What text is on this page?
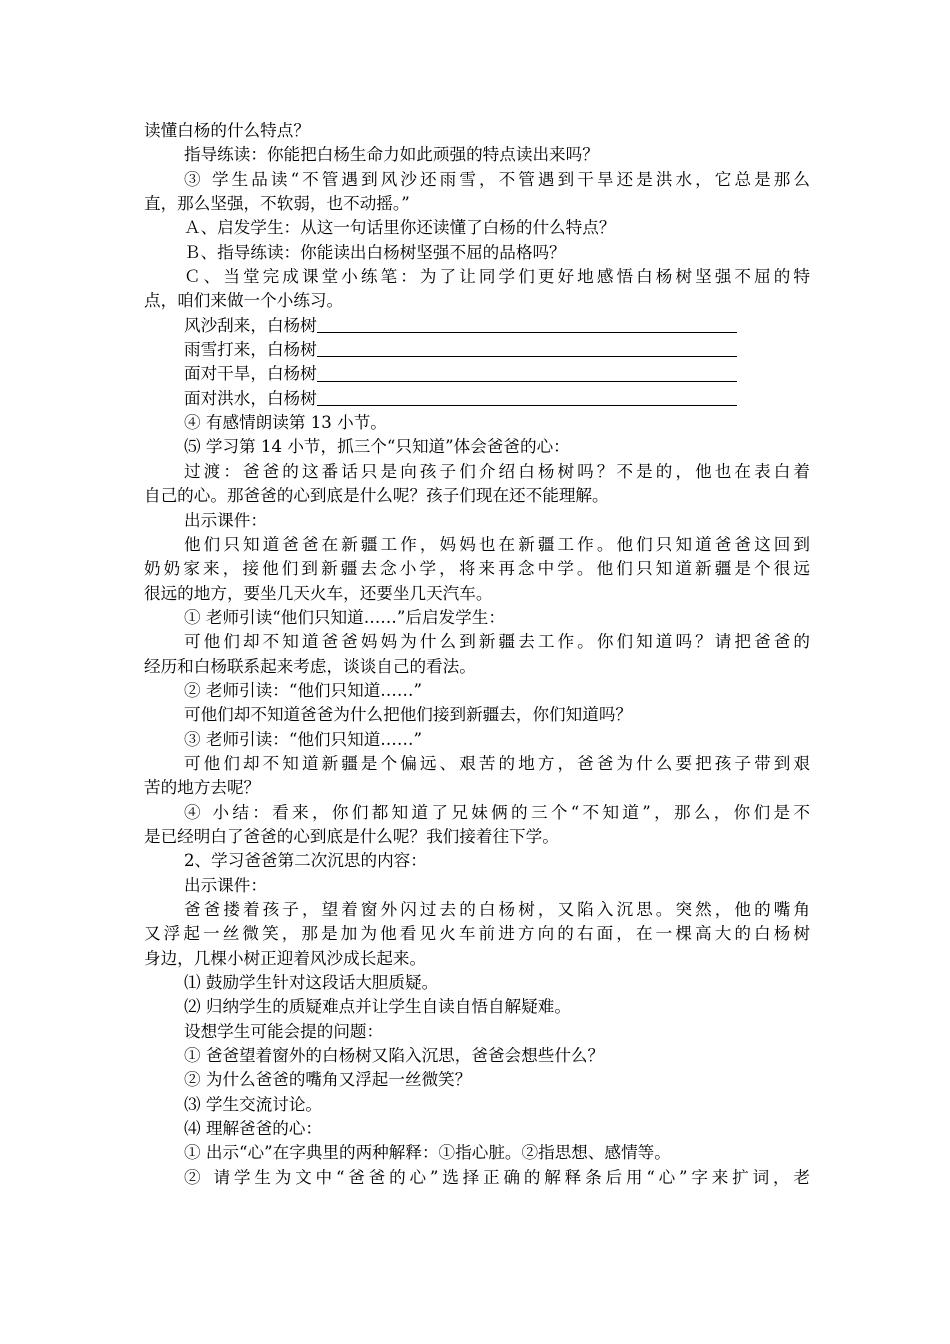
读懂白杨的什么特点？
指导练读：你能把白杨生命力如此顽强的特点读出来吗？
③ 学生品读“不管遇到风沙还雨雪，不管遇到干旱还是洪水，它总是那么
直，那么坚强，不软弱，也不动摇。”
Ａ、启发学生：从这一句话里你还读懂了白杨的什么特点？
Ｂ、指导练读：你能读出白杨树坚强不屈的品格吗？
Ｃ、当堂完成课堂小练笔：为了让同学们更好地感悟白杨树坚强不屈的特
点，咱们来做一个小练习。
风沙刮来，白杨树
雨雪打来，白杨树
面对干旱，白杨树
面对洪水，白杨树
④ 有感情朗读第 13 小节。
⑸ 学习第 14 小节，抓三个“只知道”体会爸爸的心：
过渡：爸爸的这番话只是向孩子们介绍白杨树吗？不是的，他也在表白着
自己的心。那爸爸的心到底是什么呢？孩子们现在还不能理解。
出示课件：
他们只知道爸爸在新疆工作，妈妈也在新疆工作。他们只知道爸爸这回到
奶奶家来，接他们到新疆去念小学，将来再念中学。他们只知道新疆是个很远
很远的地方，要坐几天火车，还要坐几天汽车。
① 老师引读“他们只知道……”后启发学生：
可他们却不知道爸爸妈妈为什么到新疆去工作。你们知道吗？请把爸爸的
经历和白杨联系起来考虑，谈谈自己的看法。
② 老师引读：“他们只知道……”
可他们却不知道爸爸为什么把他们接到新疆去，你们知道吗？
③ 老师引读：“他们只知道……”
可他们却不知道新疆是个偏远、艰苦的地方，爸爸为什么要把孩子带到艰
苦的地方去呢？
④ 小结：看来，你们都知道了兄妹俩的三个“不知道”，那么，你们是不
是已经明白了爸爸的心到底是什么呢？我们接着往下学。
2、学习爸爸第二次沉思的内容：
出示课件：
爸爸搂着孩子，望着窗外闪过去的白杨树，又陷入沉思。突然，他的嘴角
又浮起一丝微笑，那是加为他看见火车前进方向的右面，在一棵高大的白杨树
身边，几棵小树正迎着风沙成长起来。
⑴ 鼓励学生针对这段话大胆质疑。
⑵ 归纳学生的质疑难点并让学生自读自悟自解疑难。
设想学生可能会提的问题：
① 爸爸望着窗外的白杨树又陷入沉思，爸爸会想些什么？
② 为什么爸爸的嘴角又浮起一丝微笑？
⑶ 学生交流讨论。
⑷ 理解爸爸的心：
① 出示“心”在字典里的两种解释：①指心脏。②指思想、感情等。
② 请学生为文中“爸爸的心”选择正确的解释条后用“心”字来扩词，老
